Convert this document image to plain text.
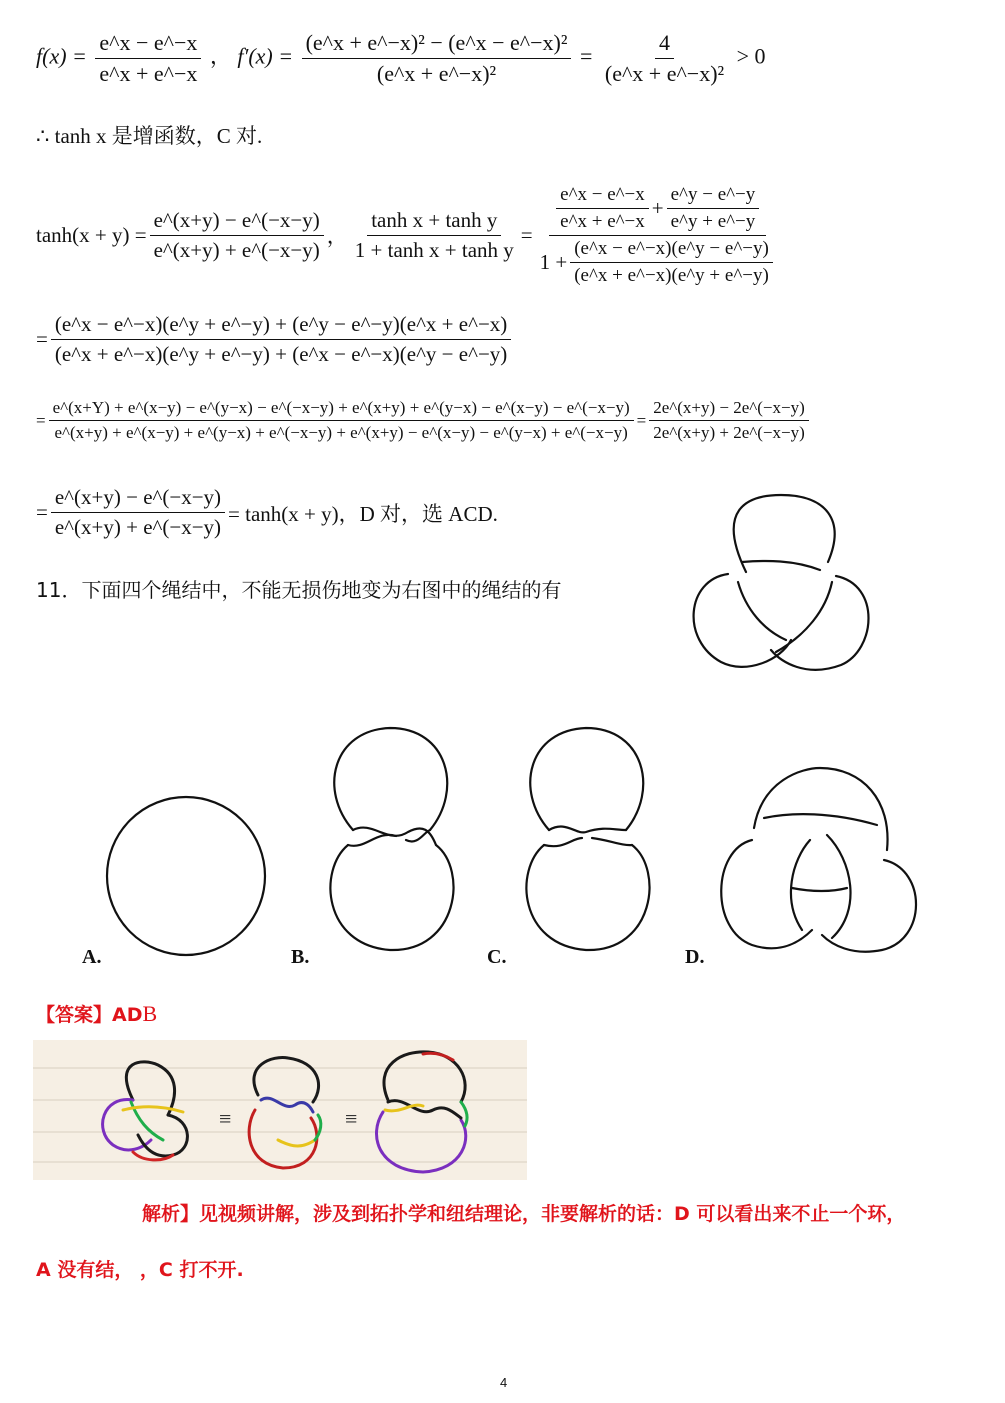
$f(x) = \frac{e\^{}x - e\^{}-x}{e\^{}x + e\^{}-x}$ ， $f'(x) = \frac{\text{(e\textasciicircum{}x + e\textasciicircum{}−x)² − (e\textasciicircum{}x − e\textasciicircum{}−x)²}}{\text{(e\textasciicircum{}x + e\textasciicircum{}−x)²}} = \frac{4}{\text{(e\textasciicircum{}x + e\textasciicircum{}−x)²}} > 0$
∴ tanh x 是增函数，C 对.
$\tanh(x + y) = \frac{e\^{}(x+y) - e\^{}(-x-y)}{e\^{}(x+y) + e\^{}(-x-y)}$ ， $\frac{\text{tanh x + tanh y}}{\text{1 + tanh x + tanh y}}$ =
$\frac{e\^{}x - e\^{}-x}{e\^{}x + e\^{}-x} + \frac{e\^{}y - e\^{}-y}{e\^{}y + e\^{}-y}$
$1 + \frac{(e\^{}x - e\^{}-x)(e\^{}y - e\^{}-y)}{(e\^{}x + e\^{}-x)(e\^{}y + e\^{}-y)}$
= $\frac{(e\^{}x - e\^{}-x)(e\^{}y + e\^{}-y) + (e\^{}y - e\^{}-y)(e\^{}x + e\^{}-x)}{(e\^{}x + e\^{}-x)(e\^{}y + e\^{}-y) + (e\^{}x - e\^{}-x)(e\^{}y - e\^{}-y)}$
=
e^(x+Y) + e^(x−y) − e^(y−x) − e^(−x−y) + e^(x+y) + e^(y−x) − e^(x−y) − e^(−x−y)
e^(x+y) + e^(x−y) + e^(y−x) + e^(−x−y) + e^(x+y) − e^(x−y) − e^(y−x) + e^(−x−y)
= $\frac{2e\^{}(x+y) - 2e\^{}(-x-y)}{2e\^{}(x+y) + 2e\^{}(-x-y)}$
= $\frac{e\^{}(x+y) - e\^{}(-x-y)}{e\^{}(x+y) + e\^{}(-x-y)} = \tanh(x + y)$，D 对，选 ACD.
11．下面四个绳结中，不能无损伤地变为右图中的绳结的有
A.	B.	C.	D.
【答案】ADB
≡	≡
解析】见视频讲解，涉及到拓扑学和纽结理论，非要解析的话：D 可以看出来不止一个环，
A 没有结， ，C 打不开.
4
